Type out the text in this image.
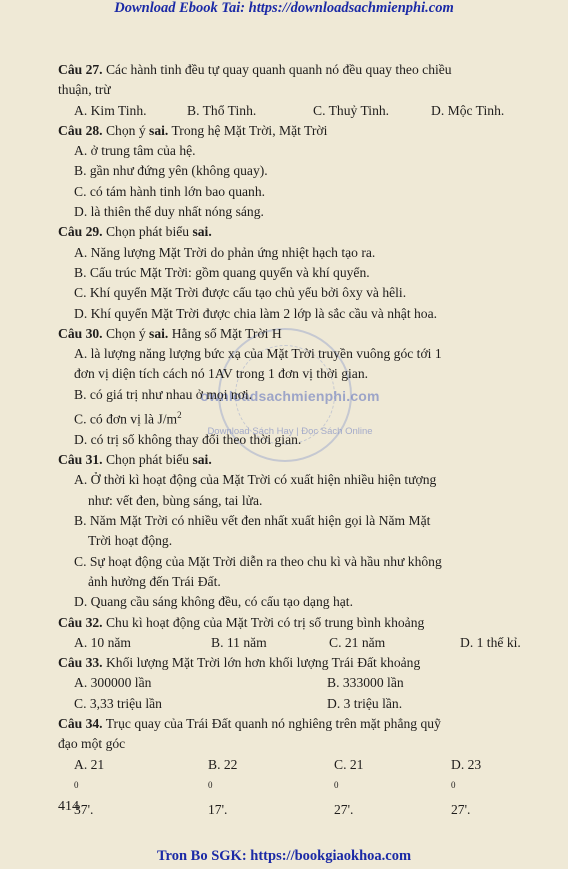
Download Ebook Tai: https://downloadsachmienphi.com
ownloadsachmienphi.com
Download Sách Hay | Đọc Sách Online

Câu 27. Các hành tinh đều tự quay quanh quanh nó đều quay theo chiều

thuận, trừ

A. Kim Tinh.	B. Thổ Tinh.	C. Thuỷ Tinh.	D. Mộc Tinh.

Câu 28. Chọn ý sai. Trong hệ Mặt Trời, Mặt Trời

A. ở trung tâm của hệ.

B. gần như đứng yên (không quay).

C. có tám hành tinh lớn bao quanh.

D. là thiên thể duy nhất nóng sáng.

Câu 29. Chọn phát biểu sai.

A. Năng lượng Mặt Trời do phản ứng nhiệt hạch tạo ra.

B. Cấu trúc Mặt Trời: gồm quang quyển và khí quyển.

C. Khí quyển Mặt Trời được cấu tạo chủ yếu bởi ôxy và hêli.

D. Khí quyển Mặt Trời được chia làm 2 lớp là sắc cầu và nhật hoa.

Câu 30. Chọn ý sai. Hằng số Mặt Trời H

A. là lượng năng lượng bức xạ của Mặt Trời truyền vuông góc tới 1

đơn vị diện tích cách nó 1AV trong 1 đơn vị thời gian.

B. có giá trị như nhau ở mọi nơi.

C. có đơn vị là $J/m^2$

D. có trị số không thay đổi theo thời gian.

Câu 31. Chọn phát biểu sai.

A. Ở thời kì hoạt động của Mặt Trời có xuất hiện nhiều hiện tượng

như: vết đen, bùng sáng, tai lửa.

B. Năm Mặt Trời có nhiều vết đen nhất xuất hiện gọi là Năm Mặt

Trời hoạt động.

C. Sự hoạt động của Mặt Trời diễn ra theo chu kì và hầu như không

ảnh hưởng đến Trái Đất.

D. Quang cầu sáng không đều, có cấu tạo dạng hạt.

Câu 32. Chu kì hoạt động của Mặt Trời có trị số trung bình khoảng

A. 10 năm	B. 11 năm	C. 21 năm	D. 1 thế kỉ.

Câu 33. Khối lượng Mặt Trời lớn hơn khối lượng Trái Đất khoảng

A. 300000 lần	B. 333000 lần
C. 3,33 triệu lần	D. 3 triệu lần.

Câu 34. Trục quay của Trái Đất quanh nó nghiêng trên mặt phẳng quỹ

đạo một góc

A. 21
$^0$
37'.
B. 22
$^0$
17'.
C. 21
$^0$
27'.
D. 23
$^0$
27'.
414
Tron Bo SGK: https://bookgiaokhoa.com
